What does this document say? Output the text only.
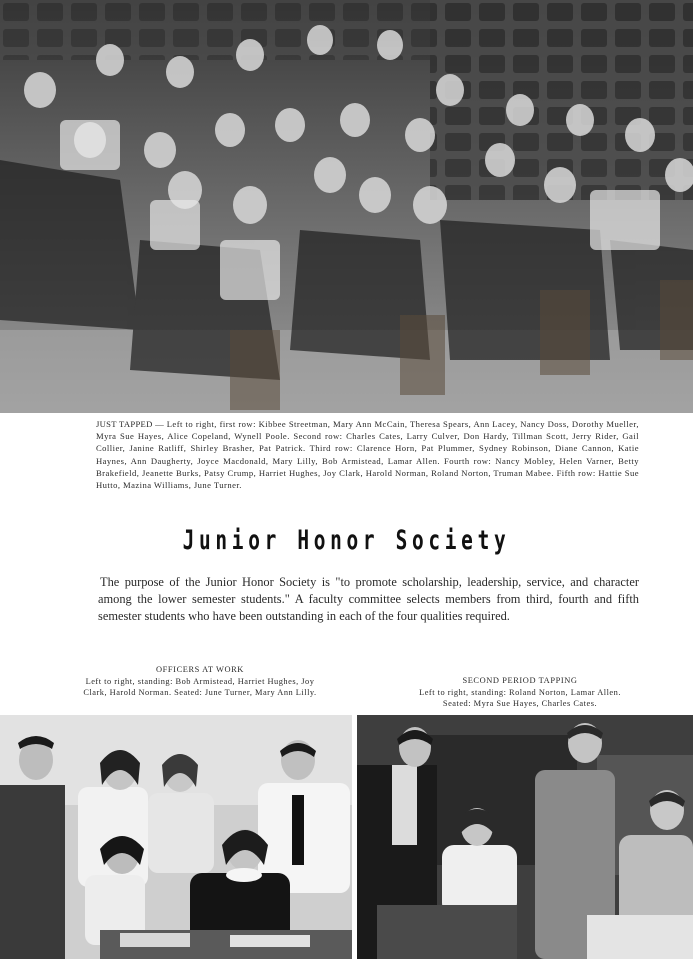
JUST TAPPED — Left to right, first row: Kibbee Streetman, Mary Ann McCain, Theresa Spears, Ann Lacey, Nancy Doss, Dorothy Mueller, Myra Sue Hayes, Alice Copeland, Wynell Poole. Second row: Charles Cates, Larry Culver, Don Hardy, Tillman Scott, Jerry Rider, Gail Collier, Janine Ratliff, Shirley Brasher, Pat Patrick. Third row: Clarence Horn, Pat Plummer, Sydney Robinson, Diane Cannon, Katie Haynes, Ann Daugherty, Joyce Macdonald, Mary Lilly, Bob Armistead, Lamar Allen. Fourth row: Nancy Mobley, Helen Varner, Betty Brakefield, Jeanette Burks, Patsy Crump, Harriet Hughes, Joy Clark, Harold Norman, Roland Norton, Truman Mabee. Fifth row: Hattie Sue Hutto, Mazina Williams, June Turner.
Junior Honor Society
The purpose of the Junior Honor Society is "to promote scholarship, leadership, service, and character among the lower semester students." A faculty committee selects members from third, fourth and fifth semester students who have been outstanding in each of the four qualities required.
OFFICERS AT WORK
Left to right, standing: Bob Armistead, Harriet Hughes, Joy Clark, Harold Norman. Seated: June Turner, Mary Ann Lilly.
SECOND PERIOD TAPPING
Left to right, standing: Roland Norton, Lamar Allen. Seated: Myra Sue Hayes, Charles Cates.
